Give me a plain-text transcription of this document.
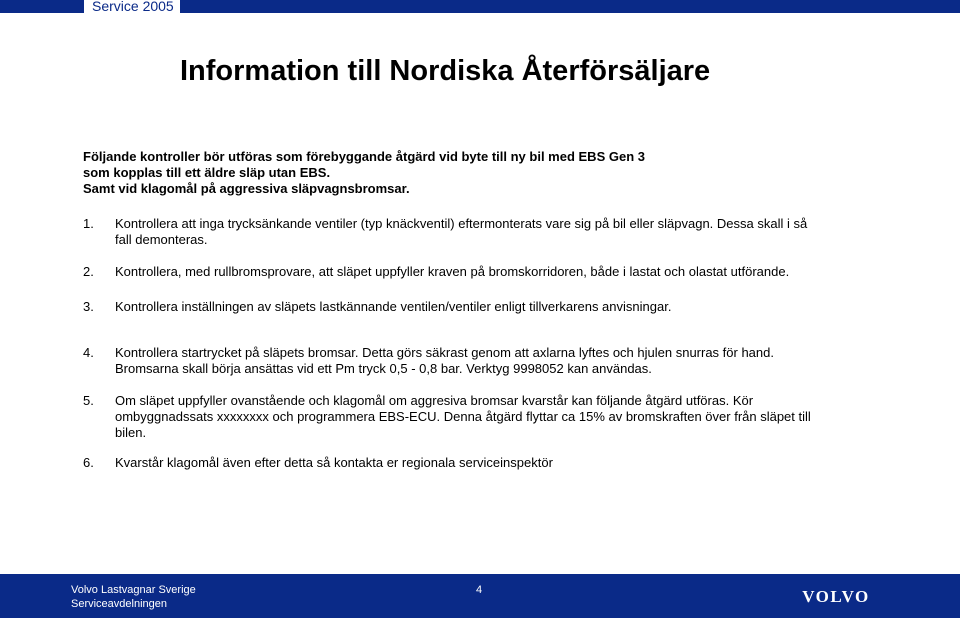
Service 2005
Information till Nordiska Återförsäljare
Följande kontroller bör utföras som förebyggande åtgärd vid byte till ny bil med EBS Gen 3
som kopplas till ett äldre släp utan EBS.
Samt vid klagomål på aggressiva släpvagnsbromsar.
1.	Kontrollera att inga trycksänkande ventiler (typ knäckventil) eftermonterats vare sig på bil eller släpvagn. Dessa skall i så
fall demonteras.
2.	Kontrollera, med rullbromsprovare, att släpet uppfyller kraven på bromskorridoren, både i lastat och olastat utförande.
3.	Kontrollera inställningen av släpets lastkännande ventilen/ventiler enligt tillverkarens anvisningar.
4.	Kontrollera startrycket på släpets bromsar. Detta görs säkrast genom att axlarna lyftes och hjulen snurras för hand.
Bromsarna skall börja ansättas vid ett Pm tryck 0,5 - 0,8 bar. Verktyg 9998052 kan användas.
5.	Om släpet uppfyller ovanstående och klagomål om aggresiva bromsar kvarstår kan följande åtgärd utföras. Kör
ombyggnadssats xxxxxxxx och programmera EBS-ECU. Denna åtgärd flyttar ca 15% av bromskraften över från släpet till
bilen.
6.	Kvarstår klagomål även efter detta så kontakta er regionala serviceinspektör
Volvo Lastvagnar Sverige
Serviceavdelningen
4	VOLVO
